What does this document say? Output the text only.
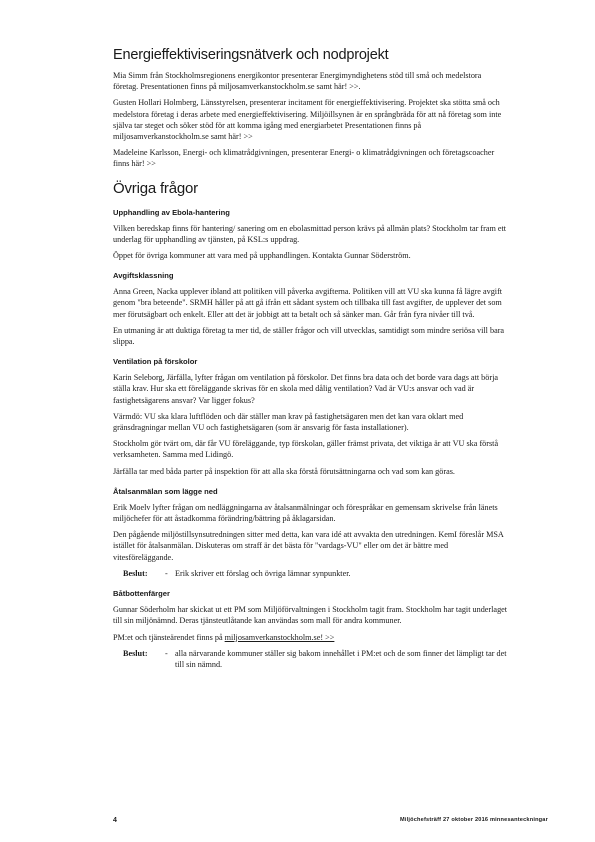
Energieffektiviseringsnätverk och nodprojekt

Mia Simm från Stockholmsregionens energikontor presenterar Energimyndighetens stöd till små och medelstora företag. Presentationen finns på miljosamverkanstockholm.se samt här! >>.

Gusten Hollari Holmberg, Länsstyrelsen, presenterar incitament för energieffektivisering. Projektet ska stötta små och medelstora företag i deras arbete med energieffektivisering. Miljöillsynen är en språngbräda för att nå företag som inte själva tar steget och söker stöd för att komma igång med energiarbetet Presentationen finns på miljosamverkanstockholm.se samt här! >>

Madeleine Karlsson, Energi- och klimatrådgivningen, presenterar Energi- o klimatrådgivningen och företagscoacher finns här! >>

Övriga frågor
Upphandling av Ebola-hantering

Vilken beredskap finns för hantering/ sanering om en ebolasmittad person krävs på allmän plats? Stockholm tar fram ett underlag för upphandling av tjänsten, på KSL:s uppdrag.

Öppet för övriga kommuner att vara med på upphandlingen. Kontakta Gunnar Söderström.

Avgiftsklassning

Anna Green, Nacka upplever ibland att politiken vill påverka avgifterna. Politiken vill att VU ska kunna få lägre avgift genom "bra beteende". SRMH håller på att gå ifrån ett sådant system och tillbaka till fast avgifter, de upplever det som mer förutsägbart och enkelt. Eller att det är jobbigt att ta betalt och så sänker man. Går från fyra nivåer till två.

En utmaning är att duktiga företag ta mer tid, de ställer frågor och vill utvecklas, samtidigt som mindre seriösa vill bara slippa.

Ventilation på förskolor

Karin Seleborg, Järfälla, lyfter frågan om ventilation på förskolor. Det finns bra data och det borde vara dags att börja ställa krav. Hur ska ett föreläggande skrivas för en skola med dålig ventilation? Vad är VU:s ansvar och vad är fastighetsägarens ansvar? Var ligger fokus?

Värmdö: VU ska klara luftflöden och där ställer man krav på fastighetsägaren men det kan vara oklart med gränsdragningar mellan VU och fastighetsägaren (som är ansvarig för fasta installationer).

Stockholm gör tvärt om, där får VU föreläggande, typ förskolan, gäller främst privata, det viktiga är att VU ska förstå verksamheten. Samma med Lidingö.

Järfälla tar med båda parter på inspektion för att alla ska förstå förutsättningarna och vad som kan göras.

Åtalsanmälan som lägge ned

Erik Moelv lyfter frågan om nedläggningarna av åtalsanmälningar och förespråkar en gemensam skrivelse från länets miljöchefer för att åstadkomma förändring/bättring på åklagarsidan.

Den pågående miljöstillsynsutredningen sitter med detta, kan vara idé att avvakta den utredningen. KemI föreslår MSA istället för åtalsanmälan. Diskuteras om straff är det bästa för "vardags-VU" eller om det är bättre med vitesföreläggande.

Beslut:	- Erik skriver ett förslag och övriga lämnar synpunkter.
Båtbottenfärger

Gunnar Söderholm har skickat ut ett PM som Miljöförvaltningen i Stockholm tagit fram. Stockholm har tagit underlaget till sin miljönämnd. Deras tjänsteutlåtande kan användas som mall för andra kommuner.

PM:et och tjänsteärendet finns på miljosamverkanstockholm.se! >>

Beslut:	- alla närvarande kommuner ställer sig bakom innehållet i PM:et och de som finner det lämpligt tar det till sin nämnd.
4	Miljöchefsträff 27 oktober 2016 minnesanteckningar
